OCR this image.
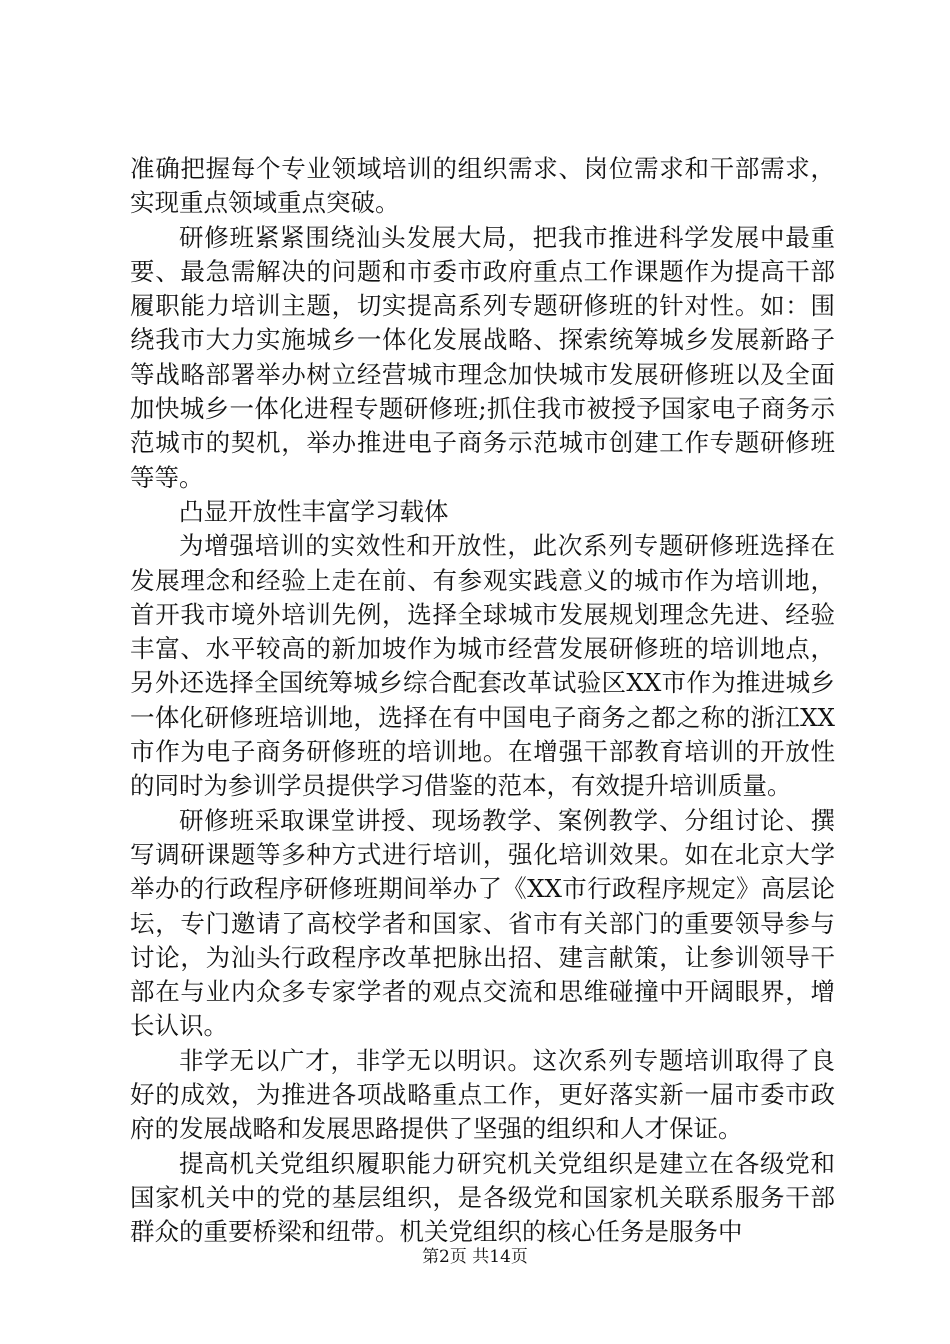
准确把握每个专业领域培训的组织需求、岗位需求和干部需求，实现重点领域重点突破。

研修班紧紧围绕汕头发展大局，把我市推进科学发展中最重要、最急需解决的问题和市委市政府重点工作课题作为提高干部履职能力培训主题，切实提高系列专题研修班的针对性。如：围绕我市大力实施城乡一体化发展战略、探索统筹城乡发展新路子等战略部署举办树立经营城市理念加快城市发展研修班以及全面加快城乡一体化进程专题研修班;抓住我市被授予国家电子商务示范城市的契机，举办推进电子商务示范城市创建工作专题研修班等等。

凸显开放性丰富学习载体

为增强培训的实效性和开放性，此次系列专题研修班选择在发展理念和经验上走在前、有参观实践意义的城市作为培训地，首开我市境外培训先例，选择全球城市发展规划理念先进、经验丰富、水平较高的新加坡作为城市经营发展研修班的培训地点，另外还选择全国统筹城乡综合配套改革试验区XX市作为推进城乡一体化研修班培训地，选择在有中国电子商务之都之称的浙江XX市作为电子商务研修班的培训地。在增强干部教育培训的开放性的同时为参训学员提供学习借鉴的范本，有效提升培训质量。

研修班采取课堂讲授、现场教学、案例教学、分组讨论、撰写调研课题等多种方式进行培训，强化培训效果。如在北京大学举办的行政程序研修班期间举办了《XX市行政程序规定》高层论坛，专门邀请了高校学者和国家、省市有关部门的重要领导参与讨论，为汕头行政程序改革把脉出招、建言献策，让参训领导干部在与业内众多专家学者的观点交流和思维碰撞中开阔眼界，增长认识。

非学无以广才，非学无以明识。这次系列专题培训取得了良好的成效，为推进各项战略重点工作，更好落实新一届市委市政府的发展战略和发展思路提供了坚强的组织和人才保证。

提高机关党组织履职能力研究机关党组织是建立在各级党和国家机关中的党的基层组织，是各级党和国家机关联系服务干部群众的重要桥梁和纽带。机关党组织的核心任务是服务中

第2页 共14页
